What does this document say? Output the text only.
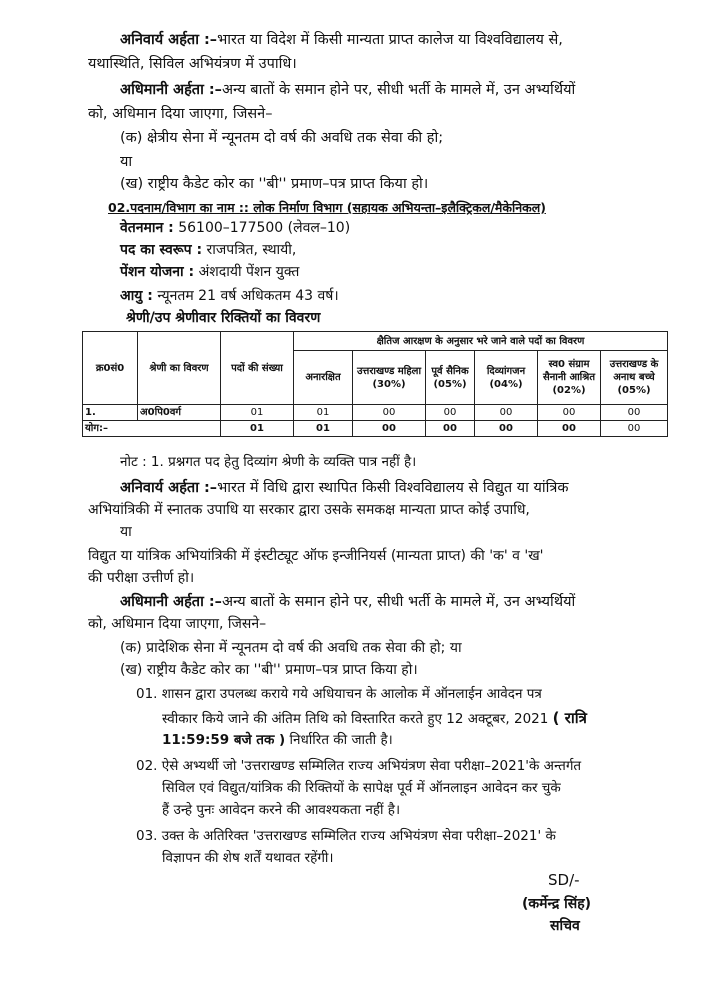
अनिवार्य अर्हता :–भारत या विदेश में किसी मान्यता प्राप्त कालेज या विश्वविद्यालय से,
यथास्थिति, सिविल अभियंत्रण में उपाधि।
अधिमानी अर्हता :–अन्य बातों के समान होने पर, सीधी भर्ती के मामले में, उन अभ्यर्थियों
को, अधिमान दिया जाएगा, जिसने–
(क) क्षेत्रीय सेना में न्यूनतम दो वर्ष की अवधि तक सेवा की हो;
या
(ख) राष्ट्रीय कैडेट कोर का ''बी'' प्रमाण–पत्र प्राप्त किया हो।
02.पदनाम/विभाग का नाम :: लोक निर्माण विभाग (सहायक अभियन्ता–इलैक्ट्रिकल/मैकेनिकल)
वेतनमान : 56100–177500 (लेवल–10)
पद का स्वरूप : राजपत्रित, स्थायी,
पेंशन योजना : अंशदायी पेंशन युक्त
आयु : न्यूनतम 21 वर्ष अधिकतम 43 वर्ष।
श्रेणी/उप श्रेणीवार रिक्तियों का विवरण
क्र0सं0	श्रेणी का विवरण	पदों की संख्या	क्षैतिज आरक्षण के अनुसार भरे जाने वाले पदों का विवरण					
			अनारक्षित	उत्तराखण्ड महिला (30%)	पूर्व सैनिक (05%)	दिव्यांगजन (04%)	स्व0 संग्राम सैनानी आश्रित (02%)	उत्तराखण्ड के अनाथ बच्चे (05%)
1.	अ0पि0वर्ग	01	01	00	00	00	00	00
योग:–		01	01	00	00	00	00	00
नोट : 1. प्रश्नगत पद हेतु दिव्यांग श्रेणी के व्यक्ति पात्र नहीं है।
अनिवार्य अर्हता :–भारत में विधि द्वारा स्थापित किसी विश्वविद्यालय से विद्युत या यांत्रिक
अभियांत्रिकी में स्नातक उपाधि या सरकार द्वारा उसके समकक्ष मान्यता प्राप्त कोई उपाधि,
या
विद्युत या यांत्रिक अभियांत्रिकी में इंस्टीट्यूट ऑफ इन्जीनियर्स (मान्यता प्राप्त) की 'क' व 'ख'
की परीक्षा उत्तीर्ण हो।
अधिमानी अर्हता :–अन्य बातों के समान होने पर, सीधी भर्ती के मामले में, उन अभ्यर्थियों
को, अधिमान दिया जाएगा, जिसने–
(क) प्रादेशिक सेना में न्यूनतम दो वर्ष की अवधि तक सेवा की हो; या
(ख) राष्ट्रीय कैडेट कोर का ''बी'' प्रमाण–पत्र प्राप्त किया हो।
01. शासन द्वारा उपलब्ध कराये गये अधियाचन के आलोक में ऑनलाईन आवेदन पत्र
स्वीकार किये जाने की अंतिम तिथि को विस्तारित करते हुए 12 अक्टूबर, 2021 ( रात्रि
11:59:59 बजे तक ) निर्धारित की जाती है।
02. ऐसे अभ्यर्थी जो 'उत्तराखण्ड सम्मिलित राज्य अभियंत्रण सेवा परीक्षा–2021'के अन्तर्गत
सिविल एवं विद्युत/यांत्रिक की रिक्तियों के सापेक्ष पूर्व में ऑनलाइन आवेदन कर चुके
हैं उन्हे पुनः आवेदन करने की आवश्यकता नहीं है।
03. उक्त के अतिरिक्त 'उत्तराखण्ड सम्मिलित राज्य अभियंत्रण सेवा परीक्षा–2021' के
विज्ञापन की शेष शर्तें यथावत रहेंगी।
SD/-
(कर्मेन्द्र सिंह)
सचिव
